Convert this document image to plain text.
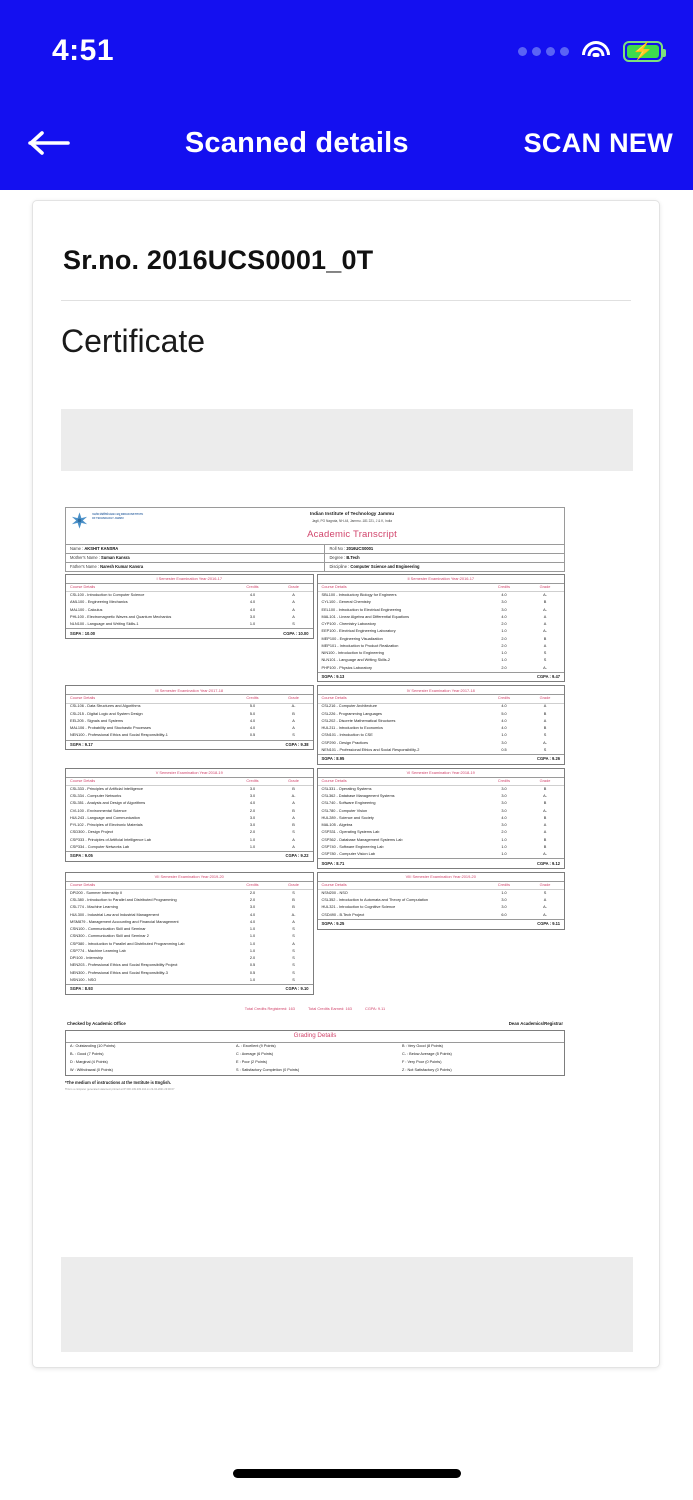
4:51	⚡
Scanned details	SCAN NEW
Sr.no. 2016UCS0001_0T
Certificate
भारतीय प्रौद्योगिकी संस्थान जम्मू INDIAN INSTITUTE OF TECHNOLOGY JAMMU
Indian Institute of Technology Jammu
Jagti, PO Nagrota, NH-44, Jammu -181 221, J & K, India
Academic Transcript
Name : AKSHIT KANSRA	Roll No : 2016UCS0001
Mother's Name : Suman Kansra	Degree : B.Tech
Father's Name : Naresh Kumar Kansra	Discipline : Computer Science and Engineering
I Semester Examination Year:2016-17
Course Details	Credits	Grade
CSL100 - Introduction to Computer Science	4.0	A
AML100 - Engineering Mechanics	4.0	A
MAL100 - Calculus	4.0	A
PHL100 - Electromagnetic Waves and Quantum Mechanics	3.0	A
NLN100 - Language and Writing Skills-1	1.0	S
SGPA : 10.00	CGPA : 10.00
II Semester Examination Year:2016-17
Course Details	Credits	Grade
SBL100 - Introductory Biology for Engineers	4.0	A-
CYL100 - General Chemistry	3.0	B
EEL100 - Introduction to Electrical Engineering	3.0	A-
MAL101 - Linear Algebra and Differential Equations	4.0	A
CYP100 - Chemistry Laboratory	2.0	A
EEP100 - Electrical Engineering Laboratory	1.0	A-
MEP100 - Engineering Visualization	2.0	B
MEP101 - Introduction to Product Realization	2.0	A
NIN100 - Introduction to Engineering	1.0	S
NLN101 - Language and Writing Skills-2	1.0	S
PHP100 - Physics Laboratory	2.0	A-
SGPA : 9.13	CGPA : 9.47
III Semester Examination Year:2017-18
Course Details	Credits	Grade
CSL106 - Data Structures and Algorithms	5.0	A-
CSL215 - Digital Logic and System Design	5.0	B
EEL205 - Signals and Systems	4.0	A
MAL106 - Probability and Stochastic Processes	4.0	A
NEN100 - Professional Ethics and Social Responsibility-1	0.5	S
SGPA : 9.17	CGPA : 9.38
IV Semester Examination Year:2017-18
Course Details	Credits	Grade
CSL216 - Computer Architecture	4.0	A
CSL226 - Programming Languages	5.0	B
CSL202 - Discrete Mathematical Structures	4.0	A
HUL211 - Introduction to Economics	4.0	B
CSN101 - Introduction to CSE	1.0	S
CSP290 - Design Practices	3.0	A-
NEN101 - Professional Ethics and Social Responsibility-2	0.5	S
SGPA : 8.95	CGPA : 9.26
V Semester Examination Year:2018-19
Course Details	Credits	Grade
CSL333 - Principles of Artificial Intelligence	3.0	B
CSL334 - Computer Networks	3.0	A-
CSL351 - Analysis and Design of Algorithms	4.0	A
CVL100 - Environmental Science	2.0	B
HUL243 - Language and Communication	3.0	A
PYL102 - Principles of Electronic Materials	3.0	B
CSD300 - Design Project	2.0	S
CSP333 - Principles of Artificial Intelligence Lab	1.0	A
CSP334 - Computer Networks Lab	1.0	A
SGPA : 9.05	CGPA : 9.22
VI Semester Examination Year:2018-19
Course Details	Credits	Grade
CSL331 - Operating Systems	3.0	B
CSL362 - Database Management Systems	3.0	A-
CSL740 - Software Engineering	3.0	B
CSL780 - Computer Vision	3.0	A-
HUL289 - Science and Society	4.0	B
MAL105 - Algebra	3.0	A
CSP331 - Operating Systems Lab	2.0	A
CSP362 - Database Management Systems Lab	1.0	B
CSP740 - Software Engineering Lab	1.0	B
CSP780 - Computer Vision Lab	1.0	A-
SGPA : 8.71	CGPA : 9.12
VII Semester Examination Year:2019-20
Course Details	Credits	Grade
DPI200 - Summer Internship II	2.0	S
CSL380 - Introduction to Parallel and Distributed Programming	2.0	B
CSL774 - Machine Learning	3.0	B
HUL300 - Industrial Law and Industrial Management	4.0	A-
MSM879 - Management Accounting and Financial Management	4.0	A
CSN100 - Communication Skill and Seminar	1.0	S
CSN300 - Communication Skill and Seminar 2	1.0	S
CSP380 - Introduction to Parallel and Distributed Programming Lab	1.0	A
CSP774 - Machine Learning Lab	1.0	S
DPI100 - Internship	2.0	S
NEN203 - Professional Ethics and Social Responsibility Project	0.5	S
NEN300 - Professional Ethics and Social Responsibility-3	0.5	S
NSN100 - NSO	1.0	S
SGPA : 8.93	CGPA : 9.10
VIII Semester Examination Year:2019-20
Course Details	Credits	Grade
NSN200 - NSO	1.0	S
CSL352 - Introduction to Automata and Theory of Computation	3.0	A
HUL321 - Introduction to Cognitive Science	3.0	A-
CSD490 - B.Tech Project	6.0	A-
SGPA : 9.25	CGPA : 9.11
Total Credits Registered: 163	Total Credits Earned: 163	CGPA: 9.11
Checked by Academic Office	Dean Academics/Registrar
Grading Details
A : Outstanding (10 Points)	A- : Excellent (9 Points)	B : Very Good (8 Points)
B- : Good (7 Points)	C : Average (6 Points)	C- : Below Average (5 Points)
D : Marginal (4 Points)	E : Poor (2 Points)	F : Very Poor (0 Points)
W : Withdrawal (0 Points)	S : Satisfactory Completion (0 Points)	Z : Not Satisfactory (0 Points)
*The medium of instructions at the Institute is English.
This is a computer generated statement printed at IP 000.149.249.144 on 22-04-2021 20:00:07
